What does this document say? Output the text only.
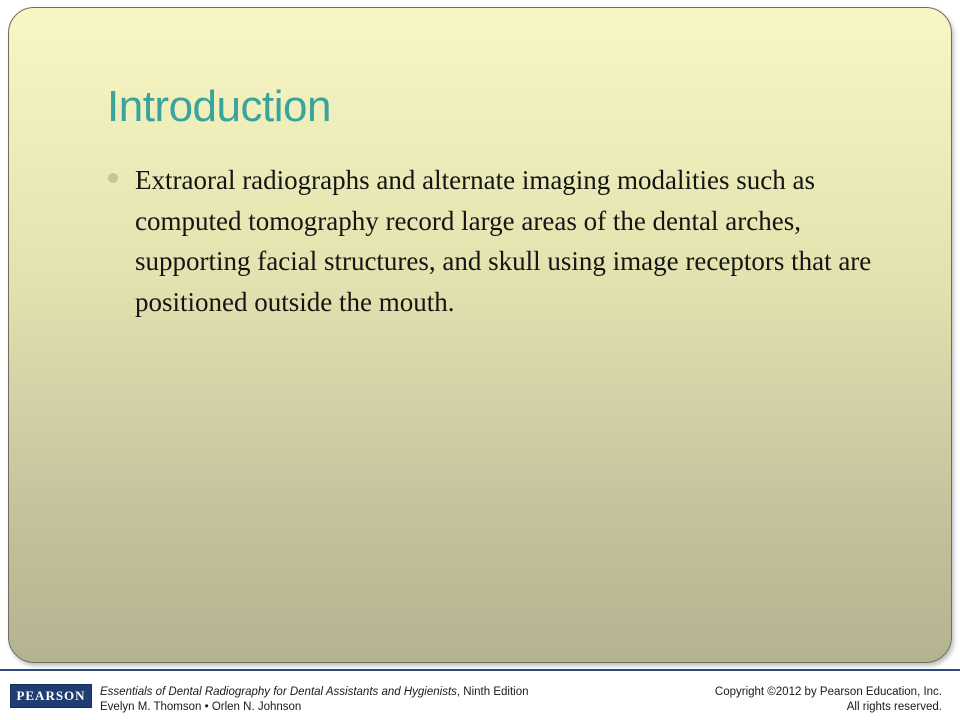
Introduction
Extraoral radiographs and alternate imaging modalities such as computed tomography record large areas of the dental arches, supporting facial structures, and skull using image receptors that are positioned outside the mouth.
PEARSON Essentials of Dental Radiography for Dental Assistants and Hygienists, Ninth Edition
Evelyn M. Thomson • Orlen N. Johnson
Copyright ©2012 by Pearson Education, Inc.
All rights reserved.
